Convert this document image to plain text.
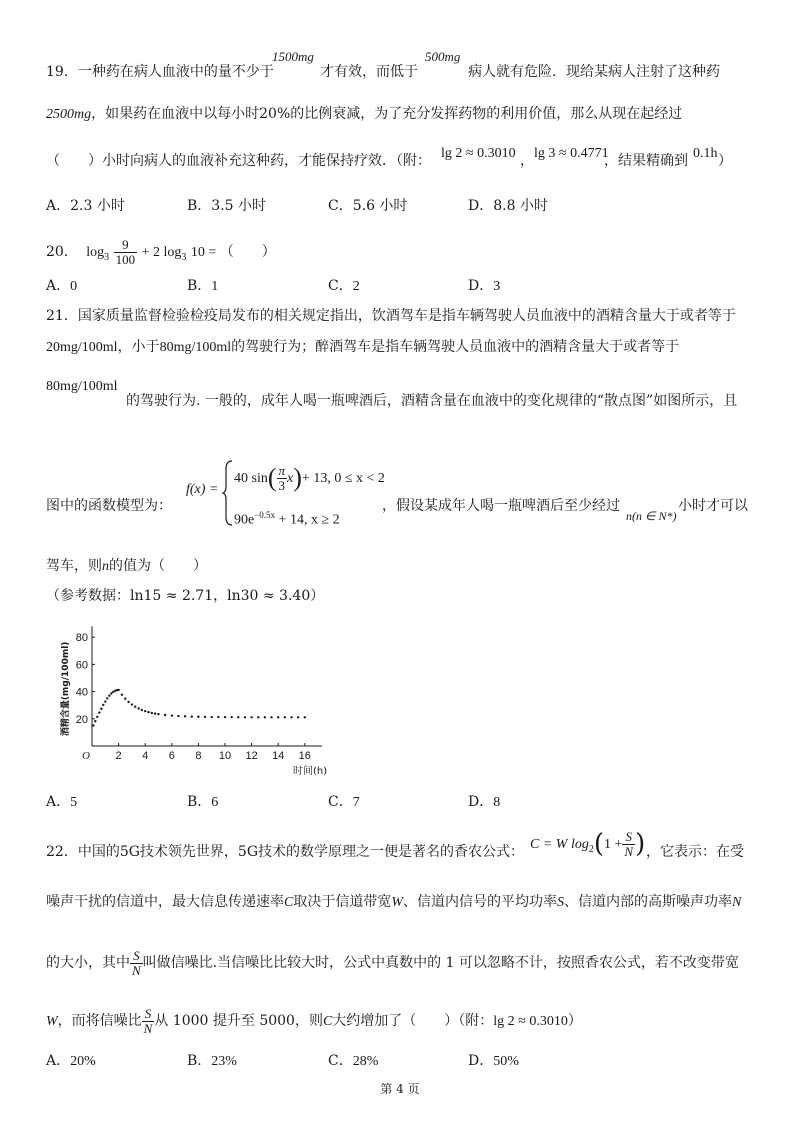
1500mg	500mg
19．一种药在病人血液中的量不少于	才有效，而低于	病人就有危险．现给某病人注射了这种药
2500mg，如果药在血液中以每小时20%的比例衰减，为了充分发挥药物的利用价值，那么从现在起经过
（　　）小时向病人的血液补充这种药，才能保持疗效．（附： lg 2 ≈ 0.3010 ， lg 3 ≈ 0.4771
，结果精确到 0.1h ）
A．2.3 小时	B．3.5 小时	C．5.6 小时	D．8.8 小时
20． $\log_3 \frac{9}{100} + 2$ $\log_3 10$ = （　　）
A．0	B．1	C．2	D．3
21．国家质量监督检验检疫局发布的相关规定指出，饮酒驾车是指车辆驾驶人员血液中的酒精含量大于或者等于
20mg/100ml，小于80mg/100ml的驾驶行为；醉酒驾车是指车辆驾驶人员血液中的酒精含量大于或者等于
80mg/100ml
的驾驶行为. 一般的，成年人喝一瓶啤酒后，酒精含量在血液中的变化规律的“散点图”如图所示，且
图中的函数模型为：
f(x) =
40 $\sin( \frac{\pi}{3} x)+ 13$, 0 ≤ x < 2
$90e^{-0.5x} + 14$, x ≥ 2
，假设某成年人喝一瓶啤酒后至少经过
n(n ∈ N*)
小时才可以
驾车，则n的值为（　　）
（参考数据：ln15 ≈ 2.71，ln30 ≈ 3.40）
2 4 6 8 10 12 14 16
20
40
60
80
O
时间(h)
酒精含量(mg/100ml)
A．5	B．6	C．7	D．8
22．中国的5G技术领先世界，5G技术的数学原理之一便是著名的香农公式： C = W $\log_2(1 + \frac{S}{N}$ ) ，它表示：在受
噪声干扰的信道中，最大信息传递速率C取决于信道带宽W、信道内信号的平均功率S、信道内部的高斯噪声功率N
的大小，其中 $\frac{S}{N}$ 叫做信噪比.当信噪比比较大时，公式中真数中的 1 可以忽略不计，按照香农公式，若不改变带宽
W，而将信噪比 $\frac{S}{N}$ 从 1000 提升至 5000，则C大约增加了（　　）（附：lg 2 ≈ 0.3010）
A．20%	B．23%	C．28%	D．50%
第 4 页
